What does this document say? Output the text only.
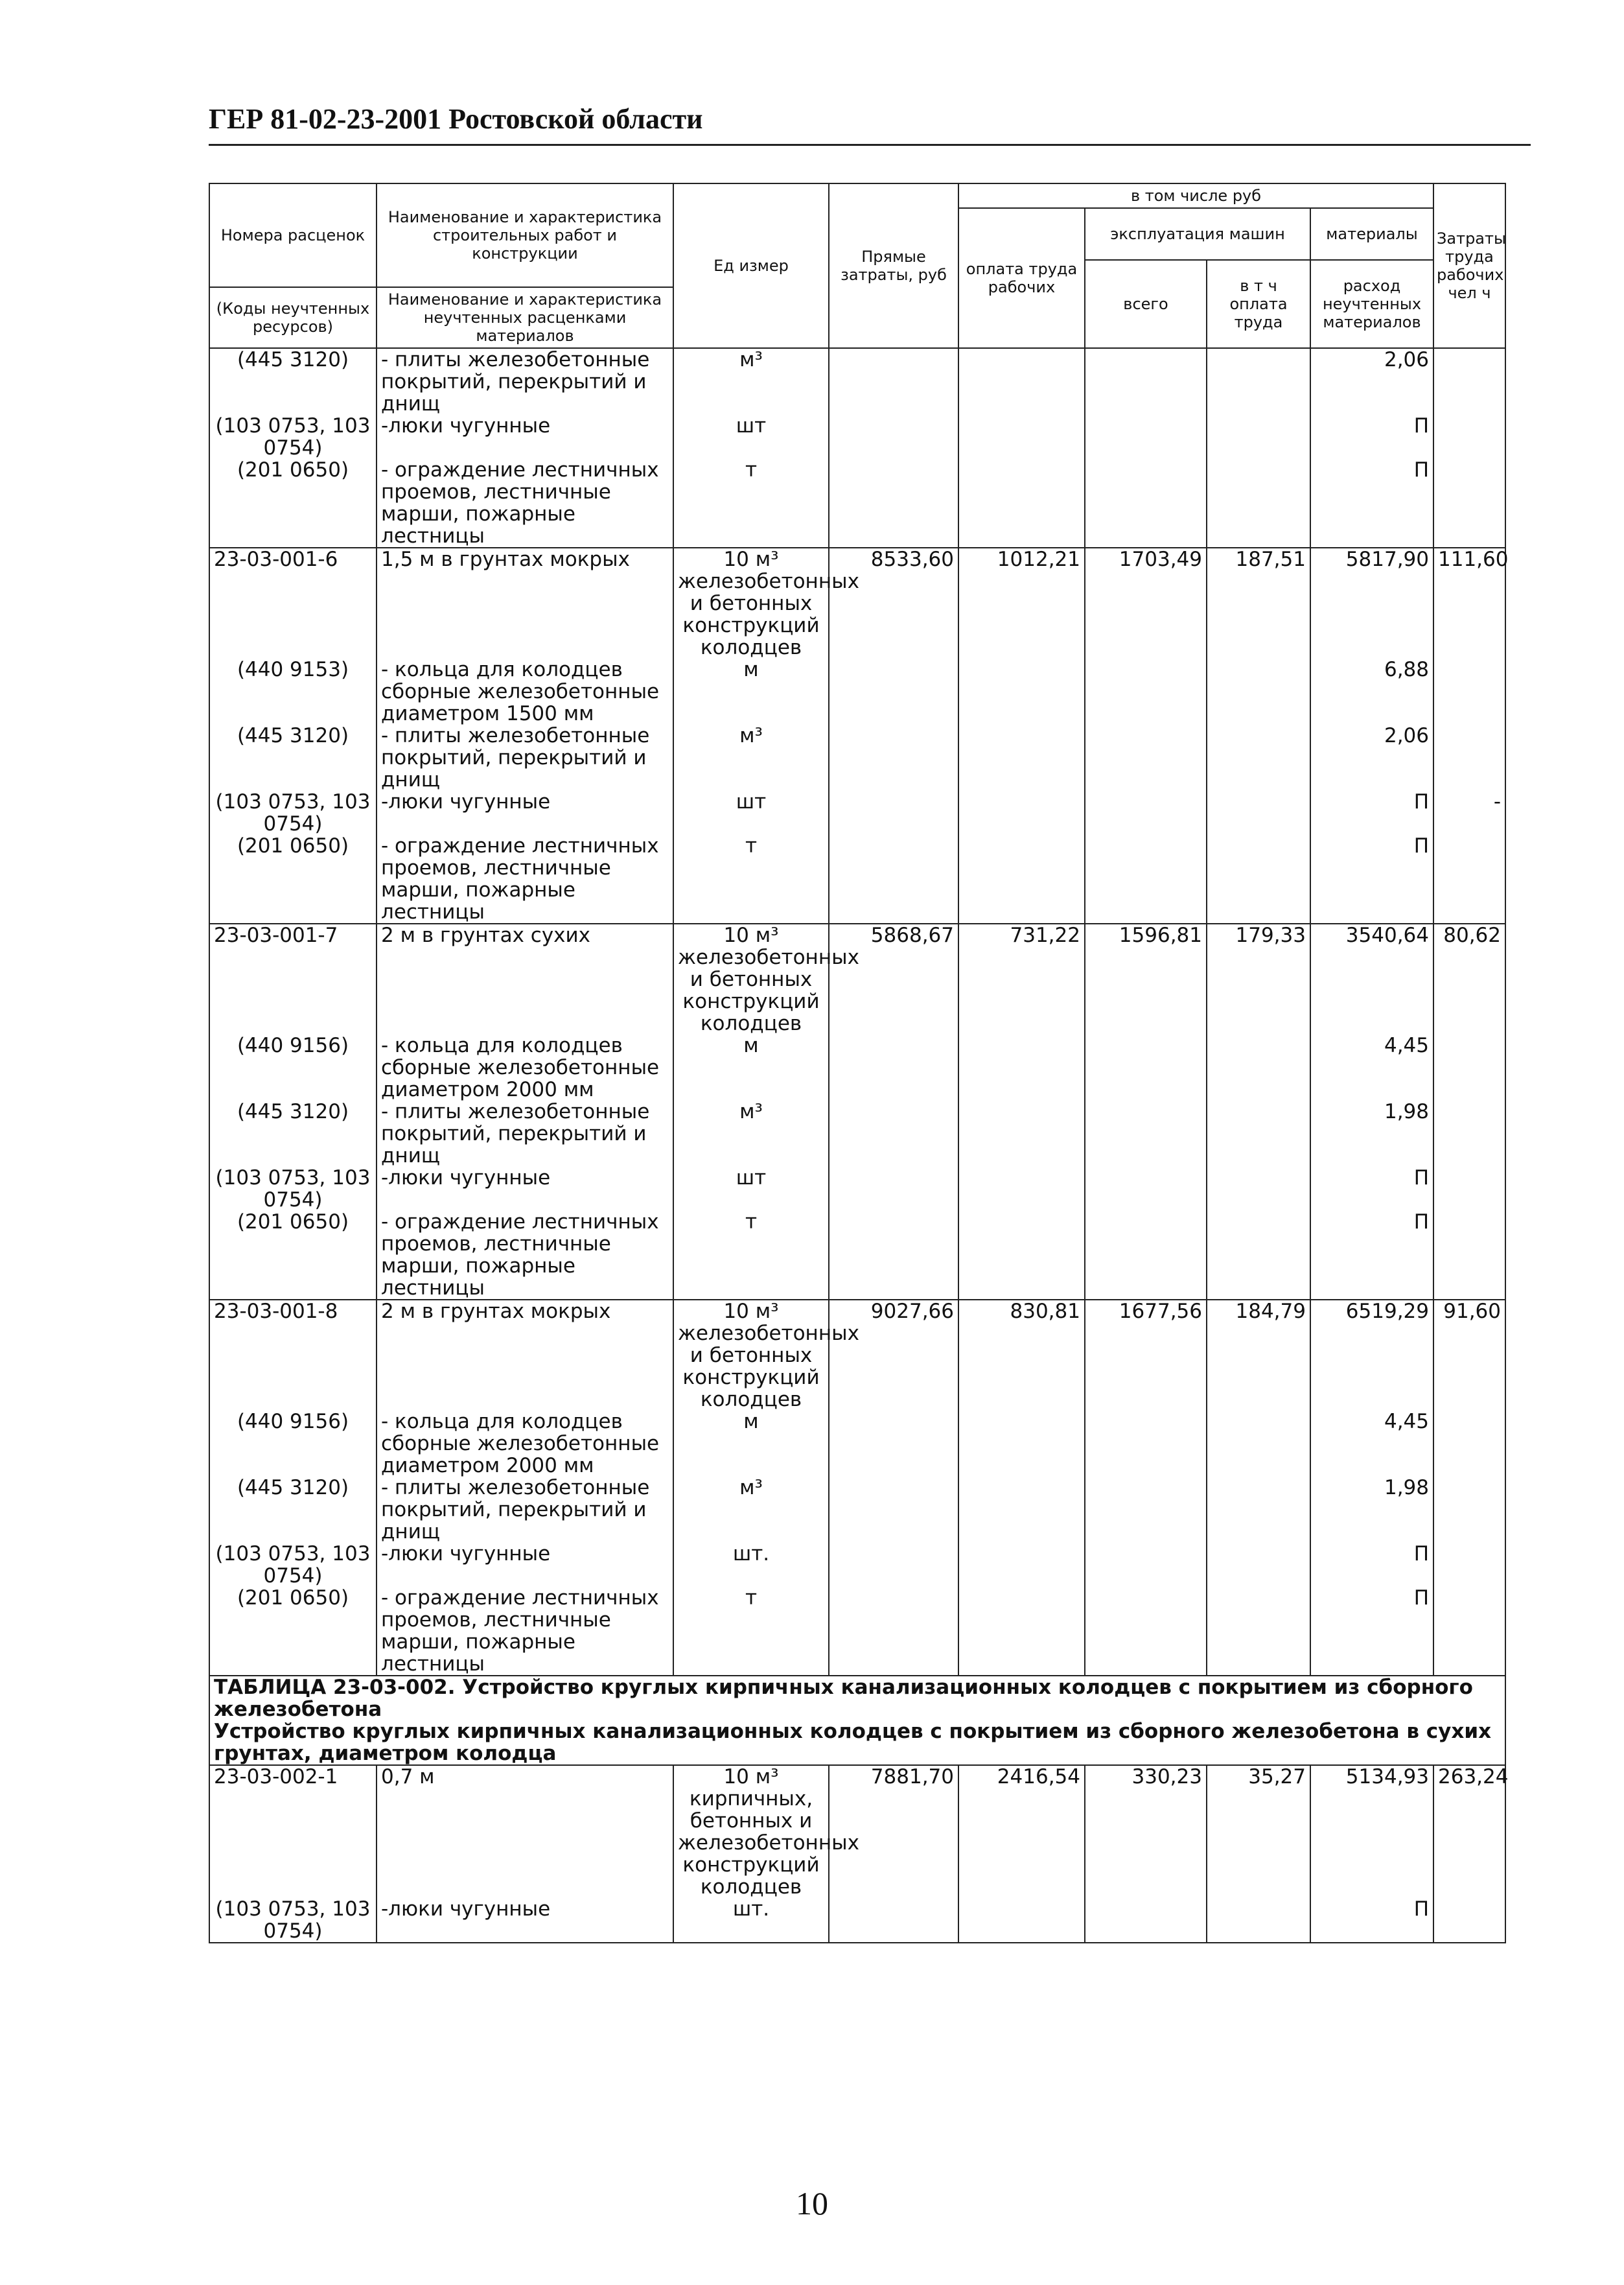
ГЕР 81-02-23-2001 Ростовской области
Номера расценок	Наименование и характеристика строительных работ и конструкции	Ед измер	Прямые затраты, руб	в том числе руб				Затраты труда рабочих чел ч
				оплата труда рабочих	эксплуатация машин		материалы	
					всего	в т ч оплата труда	расход неучтенных материалов	
(Коды неучтенных ресурсов)	Наименование и характеристика неучтенных расценками материалов							

(445 3120)	- плиты железобетонные покрытий, перекрытий и днищ	м³					2,06	
(103 0753, 103 0754)	-люки чугунные	шт					П	
(201 0650)	- ограждение лестничных проемов, лестничные марши, пожарные лестницы	т					П	
23-03-001-6	1,5 м в грунтах мокрых	10 м³ железобетонных и бетонных конструкций колодцев	8533,60	1012,21	1703,49	187,51	5817,90	111,60
(440 9153)	- кольца для колодцев сборные железобетонные диаметром 1500 мм	м					6,88	
(445 3120)	- плиты железобетонные покрытий, перекрытий и днищ	м³					2,06	
(103 0753, 103 0754)	-люки чугунные	шт					П	-
(201 0650)	- ограждение лестничных проемов, лестничные марши, пожарные лестницы	т					П	
23-03-001-7	2 м в грунтах сухих	10 м³ железобетонных и бетонных конструкций колодцев	5868,67	731,22	1596,81	179,33	3540,64	80,62
(440 9156)	- кольца для колодцев сборные железобетонные диаметром 2000 мм	м					4,45	
(445 3120)	- плиты железобетонные покрытий, перекрытий и днищ	м³					1,98	
(103 0753, 103 0754)	-люки чугунные	шт					П	
(201 0650)	- ограждение лестничных проемов, лестничные марши, пожарные лестницы	т					П	
23-03-001-8	2 м в грунтах мокрых	10 м³ железобетонных и бетонных конструкций колодцев	9027,66	830,81	1677,56	184,79	6519,29	91,60
(440 9156)	- кольца для колодцев сборные железобетонные диаметром 2000 мм	м					4,45	
(445 3120)	- плиты железобетонные покрытий, перекрытий и днищ	м³					1,98	
(103 0753, 103 0754)	-люки чугунные	шт.					П	
(201 0650)	- ограждение лестничных проемов, лестничные марши, пожарные лестницы	т					П	
ТАБЛИЦА 23-03-002. Устройство круглых кирпичных канализационных колодцев с покрытием из сборного железобетона								
Устройство круглых кирпичных канализационных колодцев с покрытием из сборного железобетона в сухих грунтах, диаметром колодца								
23-03-002-1	0,7 м	10 м³ кирпичных, бетонных и железобетонных конструкций колодцев	7881,70	2416,54	330,23	35,27	5134,93	263,24
(103 0753, 103 0754)	-люки чугунные	шт.					П	
10
